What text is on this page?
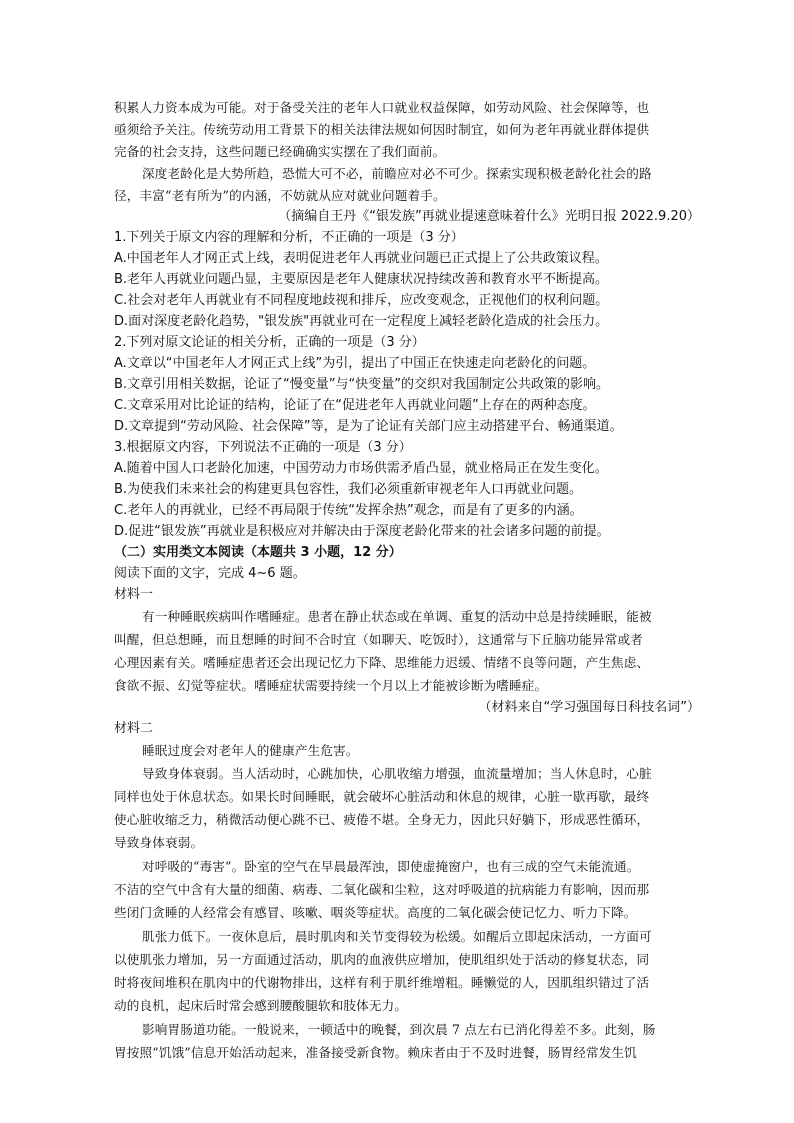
积累人力资本成为可能。对于备受关注的老年人口就业权益保障，如劳动风险、社会保障等，也
亟须给予关注。传统劳动用工背景下的相关法律法规如何因时制宜，如何为老年再就业群体提供
完备的社会支持，这些问题已经确确实实摆在了我们面前。
深度老龄化是大势所趋，恐慌大可不必，前瞻应对必不可少。探索实现积极老龄化社会的路
径，丰富“老有所为”的内涵，不妨就从应对就业问题着手。
（摘编自王丹《“银发族”再就业提速意味着什么》光明日报 2022.9.20）
1.下列关于原文内容的理解和分析，不正确的一项是（3 分）
A.中国老年人才网正式上线，表明促进老年人再就业问题已正式提上了公共政策议程。
B.老年人再就业问题凸显，主要原因是老年人健康状况持续改善和教育水平不断提高。
C.社会对老年人再就业有不同程度地歧视和排斥，应改变观念，正视他们的权利问题。
D.面对深度老龄化趋势，"银发族"再就业可在一定程度上减轻老龄化造成的社会压力。
2.下列对原文论证的相关分析，正确的一项是（3 分）
A.文章以“中国老年人才网正式上线”为引，提出了中国正在快速走向老龄化的问题。
B.文章引用相关数据，论证了“慢变量”与“快变量”的交织对我国制定公共政策的影响。
C.文章采用对比论证的结构，论证了在“促进老年人再就业问题”上存在的两种态度。
D.文章提到“劳动风险、社会保障”等，是为了论证有关部门应主动搭建平台、畅通渠道。
3.根据原文内容，下列说法不正确的一项是（3 分）
A.随着中国人口老龄化加速，中国劳动力市场供需矛盾凸显，就业格局正在发生变化。
B.为使我们未来社会的构建更具包容性，我们必须重新审视老年人口再就业问题。
C.老年人的再就业，已经不再局限于传统“发挥余热”观念，而是有了更多的内涵。
D.促进“银发族”再就业是积极应对并解决由于深度老龄化带来的社会诸多问题的前提。
（二）实用类文本阅读（本题共 3 小题，12 分）
阅读下面的文字，完成 4~6 题。
材料一
有一种睡眠疾病叫作嗜睡症。患者在静止状态或在单调、重复的活动中总是持续睡眠，能被
叫醒，但总想睡，而且想睡的时间不合时宜（如聊天、吃饭时），这通常与下丘脑功能异常或者
心理因素有关。嗜睡症患者还会出现记忆力下降、思维能力迟缓、情绪不良等问题，产生焦虑、
食欲不振、幻觉等症状。嗜睡症状需要持续一个月以上才能被诊断为嗜睡症。
（材料来自“学习强国每日科技名词”）
材料二
睡眠过度会对老年人的健康产生危害。
导致身体衰弱。当人活动时，心跳加快，心肌收缩力增强，血流量增加；当人休息时，心脏
同样也处于休息状态。如果长时间睡眠，就会破坏心脏活动和休息的规律，心脏一歇再歇，最终
使心脏收缩乏力，稍微活动便心跳不已、疲倦不堪。全身无力，因此只好躺下，形成恶性循环，
导致身体衰弱。
对呼吸的“毒害”。卧室的空气在早晨最浑浊，即使虚掩窗户，也有三成的空气未能流通。
不洁的空气中含有大量的细菌、病毒、二氧化碳和尘粒，这对呼吸道的抗病能力有影响，因而那
些闭门贪睡的人经常会有感冒、咳嗽、咽炎等症状。高度的二氧化碳会使记忆力、听力下降。
肌张力低下。一夜休息后，晨时肌肉和关节变得较为松缓。如醒后立即起床活动，一方面可
以使肌张力增加，另一方面通过活动，肌肉的血液供应增加，使肌组织处于活动的修复状态，同
时将夜间堆积在肌肉中的代谢物排出，这样有利于肌纤维增粗。睡懒觉的人，因肌组织错过了活
动的良机，起床后时常会感到腰酸腿软和肢体无力。
影响胃肠道功能。一般说来，一顿适中的晚餐，到次晨 7 点左右已消化得差不多。此刻，肠
胃按照“饥饿”信息开始活动起来，准备接受新食物。赖床者由于不及时进餐，肠胃经常发生饥
